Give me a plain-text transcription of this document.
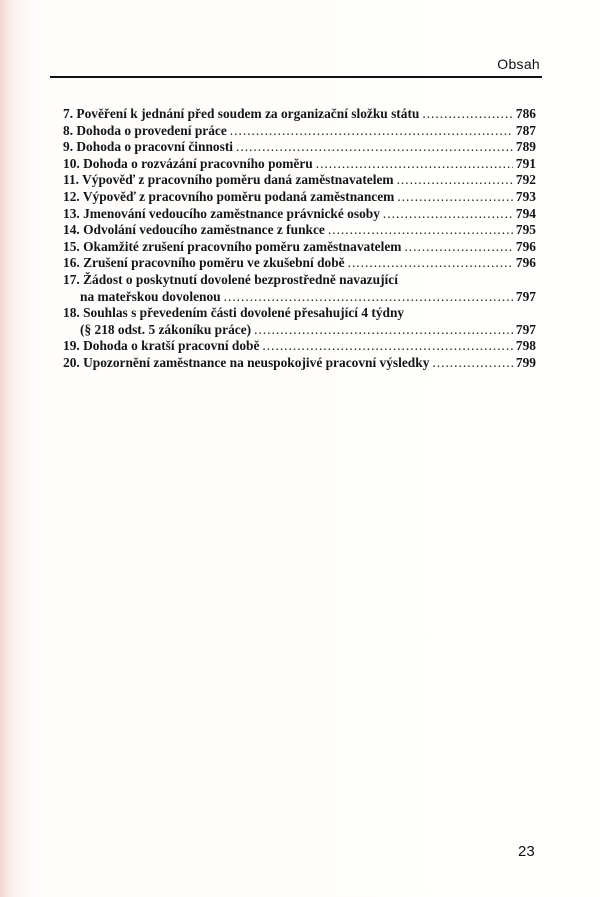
Obsah
7. Pověření k jednání před soudem za organizační složku státu .....	786
8. Dohoda o provedení práce .....	787
9. Dohoda o pracovní činnosti .....	789
10. Dohoda o rozvázání pracovního poměru .....	791
11. Výpověď z pracovního poměru daná zaměstnavatelem .....	792
12. Výpověď z pracovního poměru podaná zaměstnancem .....	793
13. Jmenování vedoucího zaměstnance právnické osoby .....	794
14. Odvolání vedoucího zaměstnance z funkce .....	795
15. Okamžité zrušení pracovního poměru zaměstnavatelem .....	796
16. Zrušení pracovního poměru ve zkušební době .....	796
17. Žádost o poskytnutí dovolené bezprostředně navazující
na mateřskou dovolenou .....	797
18. Souhlas s převedením části dovolené přesahující 4 týdny
(§ 218 odst. 5 zákoníku práce) .....	797
19. Dohoda o kratší pracovní době .....	798
20. Upozornění zaměstnance na neuspokojivé pracovní výsledky .....	799
23
